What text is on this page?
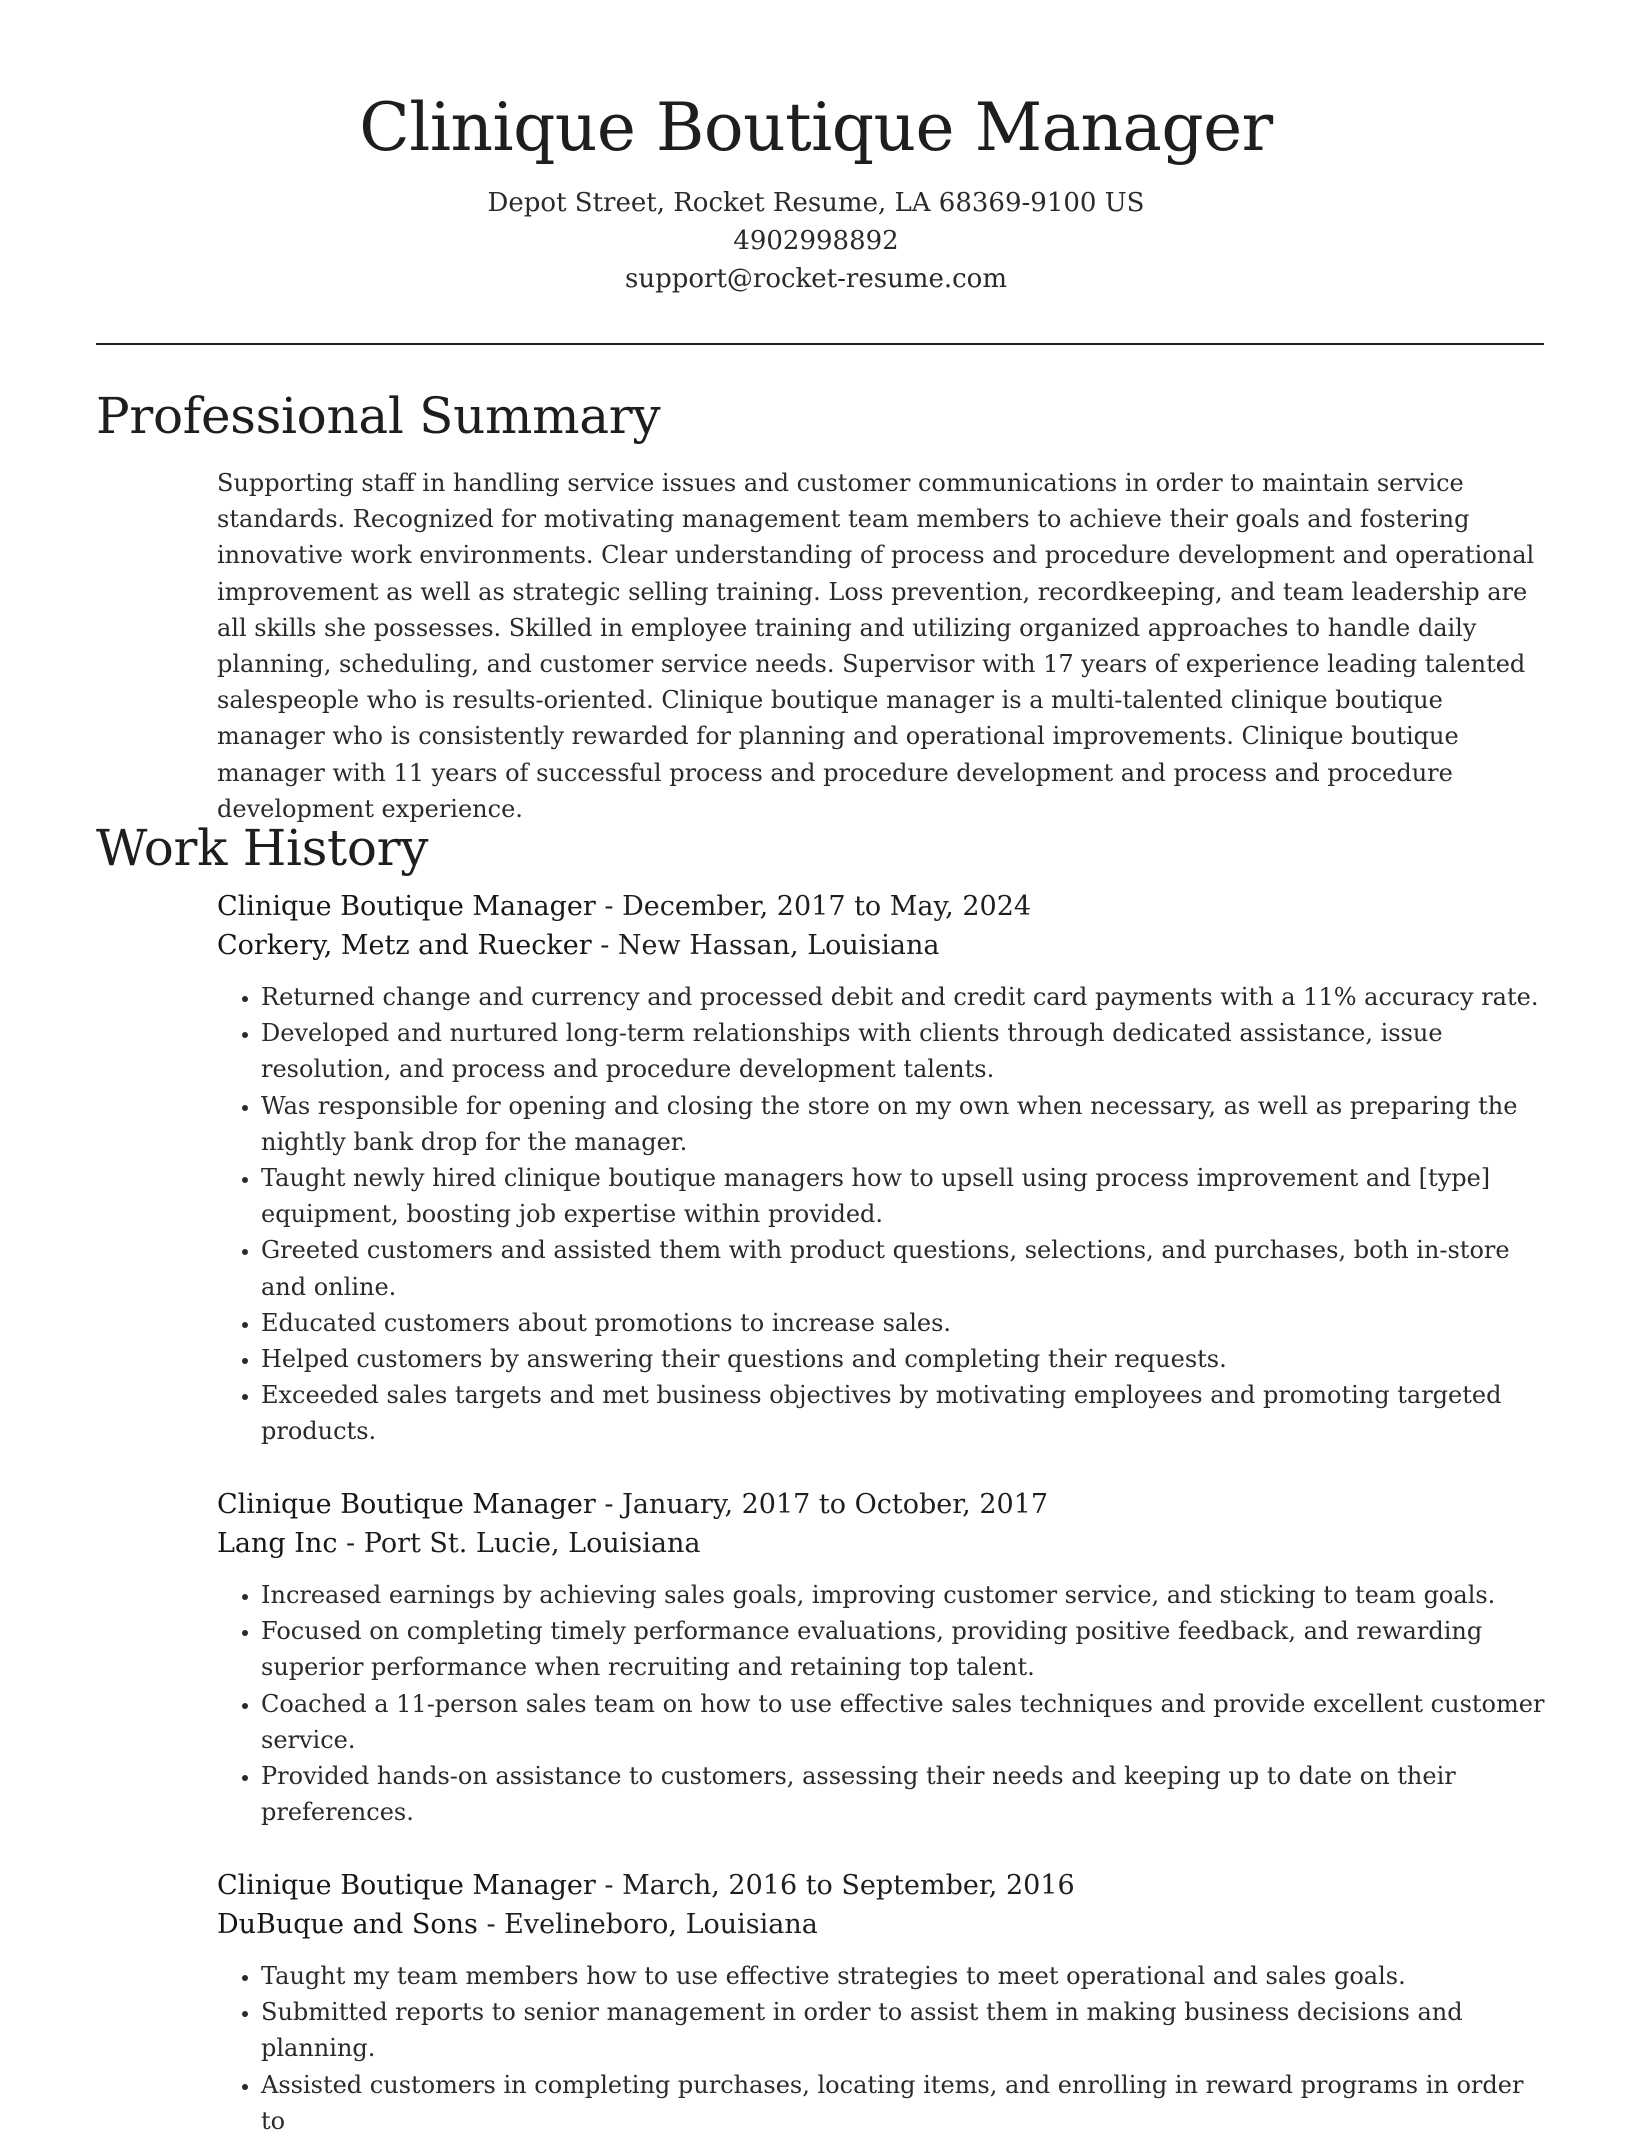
Clinique Boutique Manager

Depot Street, Rocket Resume, LA 68369-9100 US

4902998892

support@rocket-resume.com

Professional Summary

Supporting staff in handling service issues and customer communications in order to maintain service standards. Recognized for motivating management team members to achieve their goals and fostering innovative work environments. Clear understanding of process and procedure development and operational improvement as well as strategic selling training. Loss prevention, recordkeeping, and team leadership are all skills she possesses. Skilled in employee training and utilizing organized approaches to handle daily planning, scheduling, and customer service needs. Supervisor with 17 years of experience leading talented salespeople who is results-oriented. Clinique boutique manager is a multi-talented clinique boutique manager who is consistently rewarded for planning and operational improvements. Clinique boutique manager with 11 years of successful process and procedure development and process and procedure development experience.

Work History

Clinique Boutique Manager - December, 2017 to May, 2024

Corkery, Metz and Ruecker - New Hassan, Louisiana

• Returned change and currency and processed debit and credit card payments with a 11% accuracy rate.
• Developed and nurtured long-term relationships with clients through dedicated assistance, issue resolution, and process and procedure development talents.
• Was responsible for opening and closing the store on my own when necessary, as well as preparing the nightly bank drop for the manager.
• Taught newly hired clinique boutique managers how to upsell using process improvement and [type] equipment, boosting job expertise within provided.
• Greeted customers and assisted them with product questions, selections, and purchases, both in-store and online.
• Educated customers about promotions to increase sales.
• Helped customers by answering their questions and completing their requests.
• Exceeded sales targets and met business objectives by motivating employees and promoting targeted products.

Clinique Boutique Manager - January, 2017 to October, 2017

Lang Inc - Port St. Lucie, Louisiana

• Increased earnings by achieving sales goals, improving customer service, and sticking to team goals.
• Focused on completing timely performance evaluations, providing positive feedback, and rewarding superior performance when recruiting and retaining top talent.
• Coached a 11-person sales team on how to use effective sales techniques and provide excellent customer service.
• Provided hands-on assistance to customers, assessing their needs and keeping up to date on their preferences.

Clinique Boutique Manager - March, 2016 to September, 2016

DuBuque and Sons - Evelineboro, Louisiana

• Taught my team members how to use effective strategies to meet operational and sales goals.
• Submitted reports to senior management in order to assist them in making business decisions and planning.
• Assisted customers in completing purchases, locating items, and enrolling in reward programs in order to
